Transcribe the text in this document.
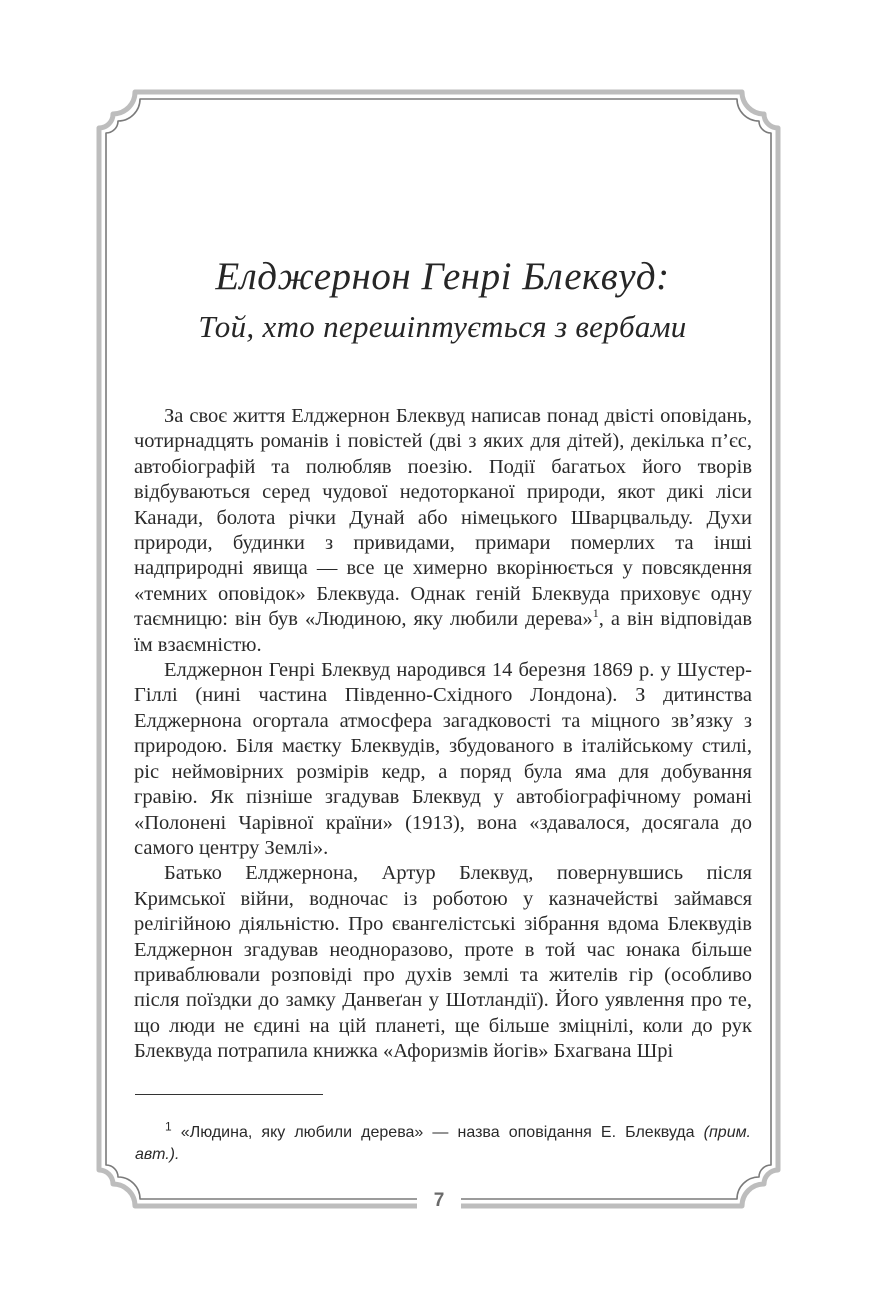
Елджернон Генрі Блеквуд:
Той, хто перешіптується з вербами

За своє життя Елджернон Блеквуд написав понад двісті оповідань, чотирнадцять романів і повістей (дві з яких для дітей), декілька п’єс, автобіографій та полюбляв поезію. Події багатьох його творів відбуваються серед чудової недоторканої природи, якот дикі ліси Канади, болота річки Дунай або німецького Шварцвальду. Духи природи, будинки з привидами, примари померлих та інші надприродні явища — все це химерно вкорінюється у повсякдення «темних оповідок» Блеквуда. Однак геній Блеквуда приховує одну таємницю: він був «Людиною, яку любили дерева»$^1$, а він відповідав їм взаємністю.

Елджернон Генрі Блеквуд народився 14 березня 1869 р. у Шустер-Гіллі (нині частина Південно-Східного Лондона). З дитинства Елджернона огортала атмосфера загадковості та міцного зв’язку з природою. Біля маєтку Блеквудів, збудованого в італійському стилі, ріс неймовірних розмірів кедр, а поряд була яма для добування гравію. Як пізніше згадував Блеквуд у автобіографічному романі «Полонені Чарівної країни» (1913), вона «здавалося, досягала до самого центру Землі».

Батько Елджернона, Артур Блеквуд, повернувшись після Кримської війни, водночас із роботою у казначействі займався релігійною діяльністю. Про євангелістські зібрання вдома Блеквудів Елджернон згадував неодноразово, проте в той час юнака більше приваблювали розповіді про духів землі та жителів гір (особливо після поїздки до замку Данвеґан у Шотландії). Його уявлення про те, що люди не єдині на цій планеті, ще більше зміцнілі, коли до рук Блеквуда потрапила книжка «Афоризмів йогів» Бхагвана Шрі

$^1$ «Людина, яку любили дерева» — назва оповідання Е. Блеквуда (прим. авт.).

7
